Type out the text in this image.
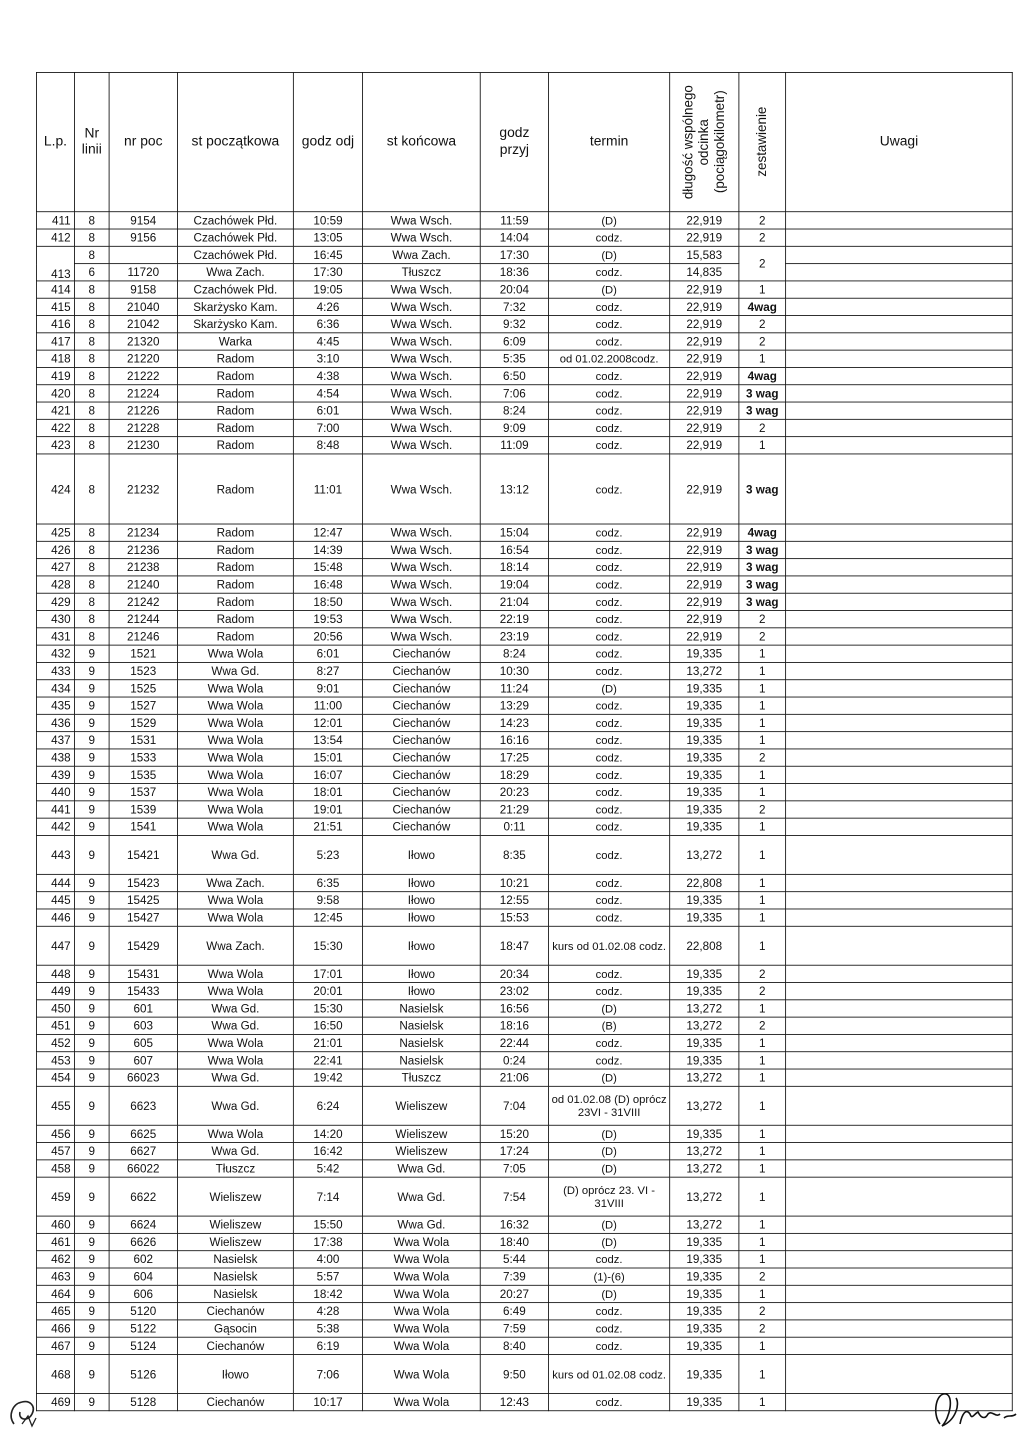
L.p.	Nr linii	nr poc	st początkowa	godz odj	st końcowa	godz przyj	termin	długość wspólnego odcinka (pociągokilometr)	zestawienie	Uwagi
411	8	9154	Czachówek Płd.	10:59	Wwa Wsch.	11:59	(D)	22,919	2	
412	8	9156	Czachówek Płd.	13:05	Wwa Wsch.	14:04	codz.	22,919	2	
413	8		Czachówek Płd.	16:45	Wwa Zach.	17:30	(D)	15,583	2	
	6	11720	Wwa Zach.	17:30	Tłuszcz	18:36	codz.	14,835		
414	8	9158	Czachówek Płd.	19:05	Wwa Wsch.	20:04	(D)	22,919	1	
415	8	21040	Skarżysko Kam.	4:26	Wwa Wsch.	7:32	codz.	22,919	4wag	
416	8	21042	Skarżysko Kam.	6:36	Wwa Wsch.	9:32	codz.	22,919	2	
417	8	21320	Warka	4:45	Wwa Wsch.	6:09	codz.	22,919	2	
418	8	21220	Radom	3:10	Wwa Wsch.	5:35	od 01.02.2008codz.	22,919	1	
419	8	21222	Radom	4:38	Wwa Wsch.	6:50	codz.	22,919	4wag	
420	8	21224	Radom	4:54	Wwa Wsch.	7:06	codz.	22,919	3 wag	
421	8	21226	Radom	6:01	Wwa Wsch.	8:24	codz.	22,919	3 wag	
422	8	21228	Radom	7:00	Wwa Wsch.	9:09	codz.	22,919	2	
423	8	21230	Radom	8:48	Wwa Wsch.	11:09	codz.	22,919	1	
424	8	21232	Radom	11:01	Wwa Wsch.	13:12	codz.	22,919	3 wag	
425	8	21234	Radom	12:47	Wwa Wsch.	15:04	codz.	22,919	4wag	
426	8	21236	Radom	14:39	Wwa Wsch.	16:54	codz.	22,919	3 wag	
427	8	21238	Radom	15:48	Wwa Wsch.	18:14	codz.	22,919	3 wag	
428	8	21240	Radom	16:48	Wwa Wsch.	19:04	codz.	22,919	3 wag	
429	8	21242	Radom	18:50	Wwa Wsch.	21:04	codz.	22,919	3 wag	
430	8	21244	Radom	19:53	Wwa Wsch.	22:19	codz.	22,919	2	
431	8	21246	Radom	20:56	Wwa Wsch.	23:19	codz.	22,919	2	
432	9	1521	Wwa Wola	6:01	Ciechanów	8:24	codz.	19,335	1	
433	9	1523	Wwa Gd.	8:27	Ciechanów	10:30	codz.	13,272	1	
434	9	1525	Wwa Wola	9:01	Ciechanów	11:24	(D)	19,335	1	
435	9	1527	Wwa Wola	11:00	Ciechanów	13:29	codz.	19,335	1	
436	9	1529	Wwa Wola	12:01	Ciechanów	14:23	codz.	19,335	1	
437	9	1531	Wwa Wola	13:54	Ciechanów	16:16	codz.	19,335	1	
438	9	1533	Wwa Wola	15:01	Ciechanów	17:25	codz.	19,335	2	
439	9	1535	Wwa Wola	16:07	Ciechanów	18:29	codz.	19,335	1	
440	9	1537	Wwa Wola	18:01	Ciechanów	20:23	codz.	19,335	1	
441	9	1539	Wwa Wola	19:01	Ciechanów	21:29	codz.	19,335	2	
442	9	1541	Wwa Wola	21:51	Ciechanów	0:11	codz.	19,335	1	
443	9	15421	Wwa Gd.	5:23	Iłowo	8:35	codz.	13,272	1	
444	9	15423	Wwa Zach.	6:35	Iłowo	10:21	codz.	22,808	1	
445	9	15425	Wwa Wola	9:58	Iłowo	12:55	codz.	19,335	1	
446	9	15427	Wwa Wola	12:45	Iłowo	15:53	codz.	19,335	1	
447	9	15429	Wwa Zach.	15:30	Iłowo	18:47	kurs od 01.02.08 codz.	22,808	1	
448	9	15431	Wwa Wola	17:01	Iłowo	20:34	codz.	19,335	2	
449	9	15433	Wwa Wola	20:01	Iłowo	23:02	codz.	19,335	2	
450	9	601	Wwa Gd.	15:30	Nasielsk	16:56	(D)	13,272	1	
451	9	603	Wwa Gd.	16:50	Nasielsk	18:16	(B)	13,272	2	
452	9	605	Wwa Wola	21:01	Nasielsk	22:44	codz.	19,335	1	
453	9	607	Wwa Wola	22:41	Nasielsk	0:24	codz.	19,335	1	
454	9	66023	Wwa Gd.	19:42	Tłuszcz	21:06	(D)	13,272	1	
455	9	6623	Wwa Gd.	6:24	Wieliszew	7:04	od 01.02.08 (D) oprócz 23VI - 31VIII	13,272	1	
456	9	6625	Wwa Wola	14:20	Wieliszew	15:20	(D)	19,335	1	
457	9	6627	Wwa Gd.	16:42	Wieliszew	17:24	(D)	13,272	1	
458	9	66022	Tłuszcz	5:42	Wwa Gd.	7:05	(D)	13,272	1	
459	9	6622	Wieliszew	7:14	Wwa Gd.	7:54	(D) oprócz 23. VI - 31VIII	13,272	1	
460	9	6624	Wieliszew	15:50	Wwa Gd.	16:32	(D)	13,272	1	
461	9	6626	Wieliszew	17:38	Wwa Wola	18:40	(D)	19,335	1	
462	9	602	Nasielsk	4:00	Wwa Wola	5:44	codz.	19,335	1	
463	9	604	Nasielsk	5:57	Wwa Wola	7:39	(1)-(6)	19,335	2	
464	9	606	Nasielsk	18:42	Wwa Wola	20:27	(D)	19,335	1	
465	9	5120	Ciechanów	4:28	Wwa Wola	6:49	codz.	19,335	2	
466	9	5122	Gąsocin	5:38	Wwa Wola	7:59	codz.	19,335	2	
467	9	5124	Ciechanów	6:19	Wwa Wola	8:40	codz.	19,335	1	
468	9	5126	Iłowo	7:06	Wwa Wola	9:50	kurs od 01.02.08 codz.	19,335	1	
469	9	5128	Ciechanów	10:17	Wwa Wola	12:43	codz.	19,335	1	
